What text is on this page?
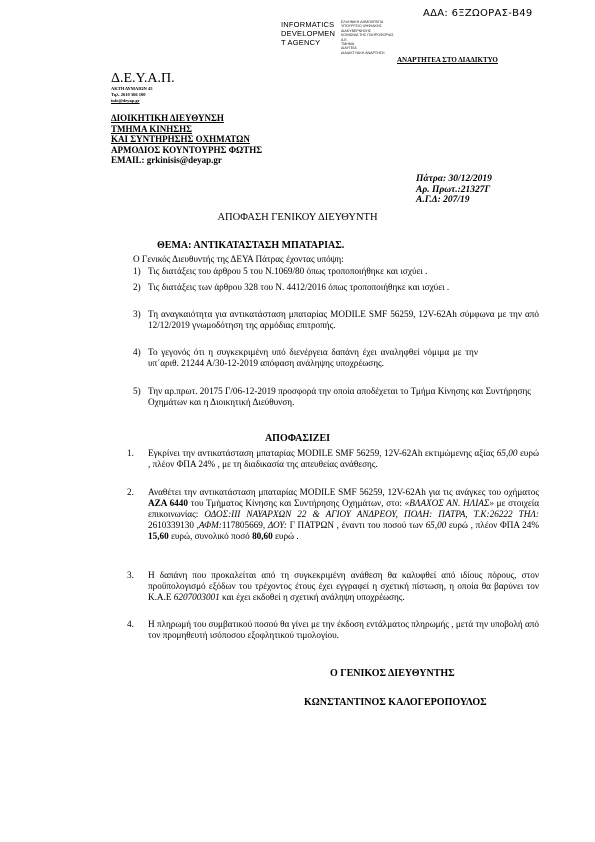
ΑΔΑ: 6ΞΖΩΟΡΑΣ-Β49
INFORMATICS
DEVELOPMEN
T AGENCY
ΕΛΛΗΝΙΚΗ ΔΗΜΟΚΡΑΤΙΑ
ΥΠΟΥΡΓΕΙΟ ΨΗΦΙΑΚΗΣ
ΔΙΑΚΥΒΕΡΝΗΣΗΣ
ΚΟΙΝΩΝΙΑ ΤΗΣ ΠΛΗΡΟΦΟΡΙΑΣ
Α.Ε.
ΤΜΗΜΑ
ΔΙΑΥΓΕΙΑ
ΔΙΑΔΙΚΤΥΑΚΗ ΑΝΑΡΤΗΣΗ
ΑΝΑΡΤΗΤΕΑ ΣΤΟ ΔΙΑΔΙΚΤΥΟ
Δ.Ε.Υ.Α.Π.
ΑΚΤΗ ΔΥΜΑΙΩΝ 45
Τηλ. 2610 366 100
info@deyap.gr
ΔΙΟΙΚΗΤΙΚΗ ΔΙΕΥΘΥΝΣΗ
ΤΜΗΜΑ ΚΙΝΗΣΗΣ
ΚΑΙ ΣΥΝΤΗΡΗΣΗΣ ΟΧΗΜΑΤΩΝ
ΑΡΜΟΔΙΟΣ ΚΟΥΝΤΟΥΡΗΣ ΦΩΤΗΣ
EMAIL: grkinisis@deyap.gr
Πάτρα: 30/12/2019
Αρ. Πρωτ.:21327Γ
Α.Γ.Δ: 207/19
ΑΠΟΦΑΣΗ ΓΕΝΙΚΟΥ ΔΙΕΥΘΥΝΤΗ
ΘΕΜΑ: ΑΝΤΙΚΑΤΑΣΤΑΣΗ ΜΠΑΤΑΡΙΑΣ.
Ο Γενικός Διευθυντής της ΔΕΥΑ Πάτρας έχοντας υπόψη:
1) Τις διατάξεις του άρθρου 5 του Ν.1069/80 όπως τροποποιήθηκε και ισχύει .
2) Τις διατάξεις των άρθρου 328 του Ν. 4412/2016 όπως τροποποιήθηκε και ισχύει .
3) Τη αναγκαιότητα για αντικατάσταση μπαταρίας MODILE SMF 56259, 12V-62Ah σύμφωνα με την από 12/12/2019 γνωμοδότηση της αρμόδιας επιτροπής.
4) Το γεγονός ότι η συγκεκριμένη υπό διενέργεια δαπάνη έχει αναληφθεί νόμιμα με την υπ΄αριθ. 21244 Α/30-12-2019 απόφαση ανάληψης υποχρέωσης.
5) Την αρ.πρωτ. 20175 Γ/06-12-2019 προσφορά την οποία αποδέχεται το Τμήμα Κίνησης και Συντήρησης Οχημάτων και η Διοικητική Διεύθυνση.
ΑΠΟΦΑΣΙΖΕΙ
1. Εγκρίνει την αντικατάσταση μπαταρίας MODILE SMF 56259, 12V-62Ah εκτιμώμενης αξίας 65,00 ευρώ , πλέον ΦΠΑ 24% , με τη διαδικασία της απευθείας ανάθεσης.
2. Αναθέτει την αντικατάσταση μπαταρίας MODILE SMF 56259, 12V-62Ah για τις ανάγκες του οχήματος ΑΖΑ 6440 του Τμήματος Κίνησης και Συντήρησης Οχημάτων, στο: «ΒΛΑΧΟΣ ΑΝ. ΗΛΙΑΣ» με στοιχεία επικοινωνίας: ΟΔΟΣ:ΙΙΙ ΝΑΥΑΡΧΩΝ 22 & ΑΓΙΟΥ ΑΝΔΡΕΟΥ, ΠΟΛΗ: ΠΑΤΡΑ, Τ.Κ:26222 ΤΗΛ: 2610339130 ,ΑΦΜ:117805669, ΔΟΥ: Γ ΠΑΤΡΩΝ , έναντι του ποσού των 65,00 ευρώ , πλέον ΦΠΑ 24% 15,60 ευρώ, συνολικό ποσό 80,60 ευρώ .
3. Η δαπάνη που προκαλείται από τη συγκεκριμένη ανάθεση θα καλυφθεί από ιδίους πόρους, στον προϋπολογισμό εξόδων του τρέχοντος έτους έχει εγγραφεί η σχετική πίστωση, η οποία θα βαρύνει τον Κ.Α.Ε 6207003001 και έχει εκδοθεί η σχετική ανάληψη υποχρέωσης.
4. Η πληρωμή του συμβατικού ποσού θα γίνει με την έκδοση εντάλματος πληρωμής , μετά την υποβολή από τον προμηθευτή ισόποσου εξοφλητικού τιμολογίου.
Ο ΓΕΝΙΚΟΣ ΔΙΕΥΘΥΝΤΗΣ
ΚΩΝΣΤΑΝΤΙΝΟΣ ΚΑΛΟΓΕΡΟΠΟΥΛΟΣ
